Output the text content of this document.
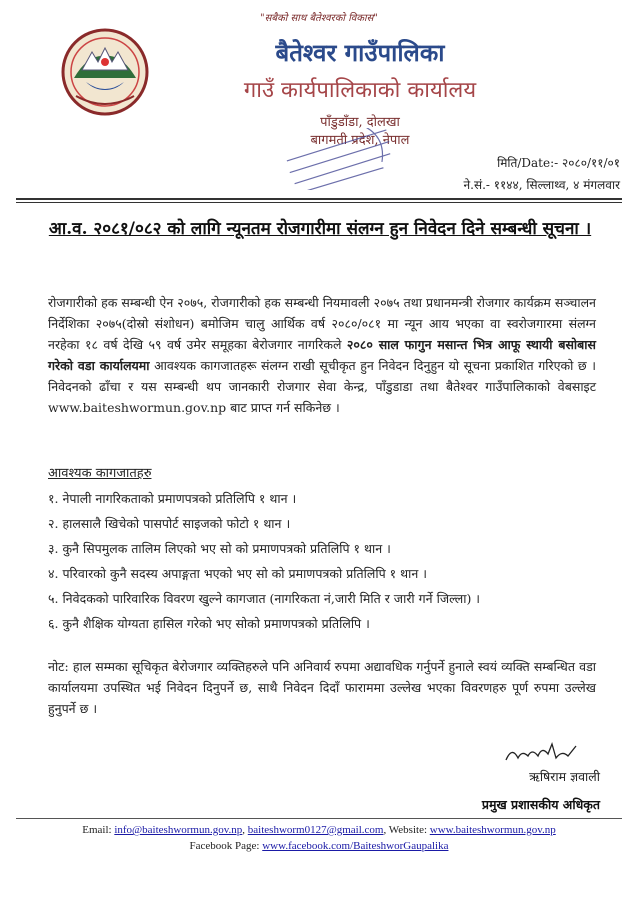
"सबैको साथ बैतेश्वरको विकास"
बैतेश्वर गाउँपालिका
गाउँ कार्यपालिकाको कार्यालय
पाँडुडाँडा, दोलखा
बागमती प्रदेश, नेपाल
मिति/Date:- २०८०/११/०१
ने.सं.- ११४४, सिल्लाथ्व, ४ मंगलवार
आ.व. २०८१/०८२ को लागि न्यूनतम रोजगारीमा संलग्न हुन निवेदन दिने सम्बन्धी सूचना ।
रोजगारीको हक सम्बन्धी ऐन २०७५, रोजगारीको हक सम्बन्धी नियमावली २०७५ तथा प्रधानमन्त्री रोजगार कार्यक्रम सञ्चालन निर्देशिका २०७५(दोस्रो संशोधन) बमोजिम चालु आर्थिक वर्ष २०८०/०८१ मा न्यून आय भएका वा स्वरोजगारमा संलग्न नरहेका १८ वर्ष देखि ५९ वर्ष उमेर समूहका बेरोजगार नागरिकले २०८० साल फागुन मसान्त भित्र आफू स्थायी बसोबास गरेको वडा कार्यालयमा आवश्यक कागजातहरू संलग्न राखी सूचीकृत हुन निवेदन दिनुहुन यो सूचना प्रकाशित गरिएको छ । निवेदनको ढाँचा र यस सम्बन्धी थप जानकारी रोजगार सेवा केन्द्र, पाँडुडाडा तथा बैतेश्वर गाउँपालिकाको वेबसाइट www.baiteshwormun.gov.np बाट प्राप्त गर्न सकिनेछ ।
आवश्यक कागजातहरु
१. नेपाली नागरिकताको प्रमाणपत्रको प्रतिलिपि १ थान ।
२. हालसालै खिचेको पासपोर्ट साइजको फोटो १ थान ।
३. कुनै सिपमुलक तालिम लिएको भए सो को प्रमाणपत्रको प्रतिलिपि १ थान ।
४. परिवारको कुनै सदस्य अपाङ्गता भएको भए सो को प्रमाणपत्रको प्रतिलिपि १ थान ।
५. निवेदकको पारिवारिक विवरण खुल्ने कागजात (नागरिकता नं,जारी मिति र जारी गर्ने जिल्ला) ।
६. कुनै शैक्षिक योग्यता हासिल गरेको भए सोको प्रमाणपत्रको प्रतिलिपि ।
नोट: हाल सम्मका सूचिकृत बेरोजगार व्यक्तिहरुले पनि अनिवार्य रुपमा अद्यावधिक गर्नुपर्ने हुनाले स्वयं व्यक्ति सम्बन्धित वडा कार्यालयमा उपस्थित भई निवेदन दिनुपर्ने छ, साथै निवेदन दिदाँ फाराममा उल्लेख भएका विवरणहरु पूर्ण रुपमा उल्लेख हुनुपर्ने छ ।
ऋषिराम ज्ञवाली
प्रमुख प्रशासकीय अधिकृत
Email: info@baiteshwormun.gov.np, baiteshworm0127@gmail.com, Website: www.baiteshwormun.gov.np
Facebook Page: www.facebook.com/BaiteshworGaupalika
